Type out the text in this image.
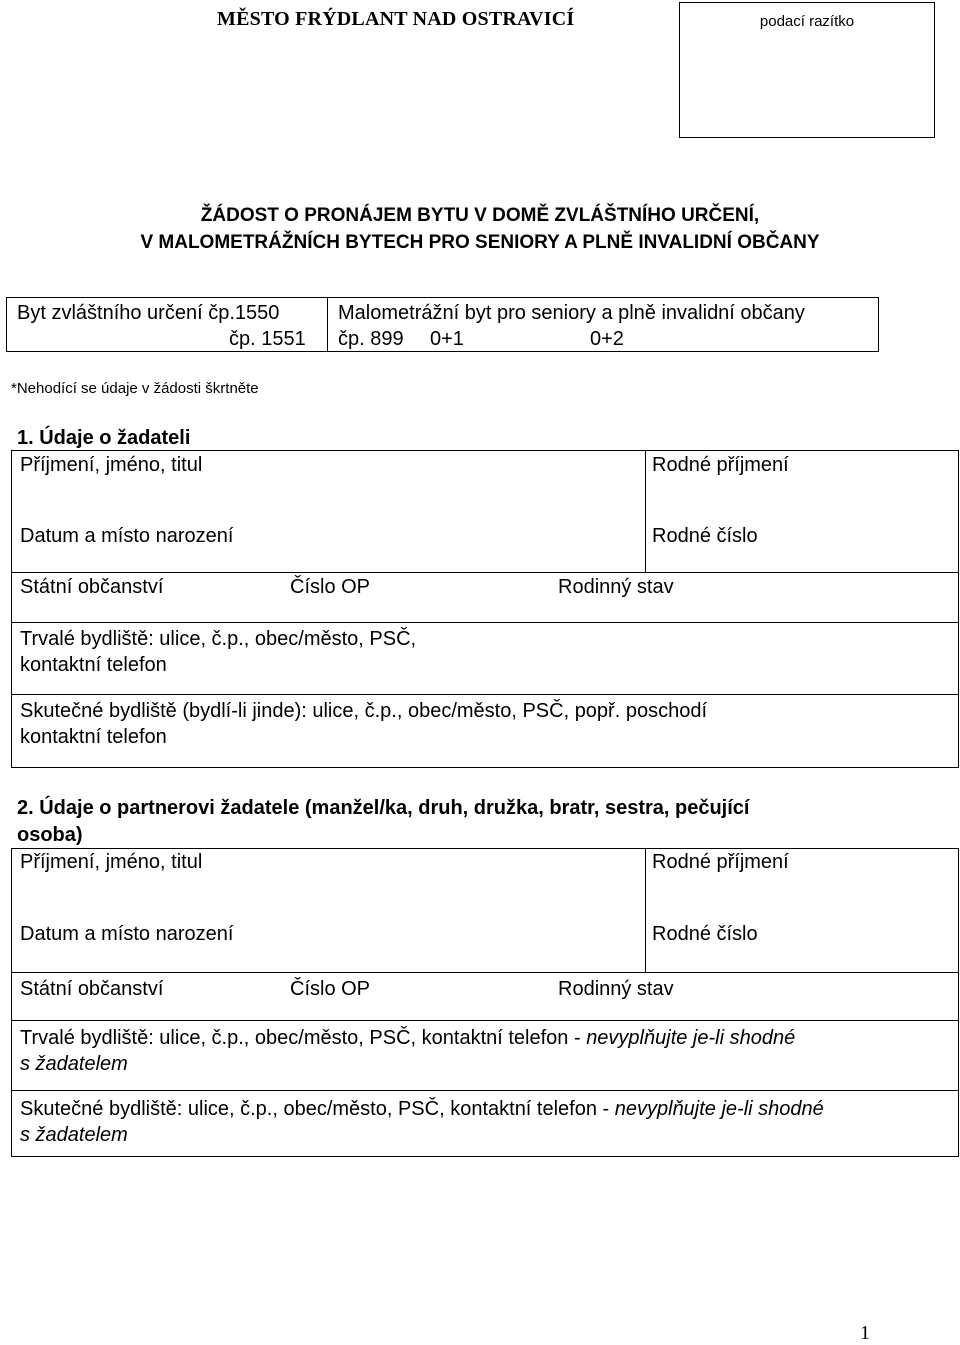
MĚSTO FRÝDLANT NAD OSTRAVICÍ	podací razítko
ŽÁDOST O PRONÁJEM BYTU V DOMĚ ZVLÁŠTNÍHO URČENÍ,
V MALOMETRÁŽNÍCH BYTECH PRO SENIORY A PLNĚ INVALIDNÍ OBČANY
Byt zvláštního určení čp.1550
čp. 1551
Malometrážní byt pro seniory a plně invalidní občany
čp. 899 0+1	0+2
*Nehodící se údaje v žádosti škrtněte
1. Údaje o žadateli
Příjmení, jméno, titul	Rodné příjmení
Datum a místo narození	Rodné číslo
Státní občanství	Číslo OP	Rodinný stav
Trvalé bydliště: ulice, č.p., obec/město, PSČ,
kontaktní telefon
Skutečné bydliště (bydlí-li jinde): ulice, č.p., obec/město, PSČ, popř. poschodí
kontaktní telefon
2. Údaje o partnerovi žadatele (manžel/ka, druh, družka, bratr, sestra, pečující
osoba)
Příjmení, jméno, titul	Rodné příjmení
Datum a místo narození	Rodné číslo
Státní občanství	Číslo OP	Rodinný stav
Trvalé bydliště: ulice, č.p., obec/město, PSČ, kontaktní telefon - nevyplňujte je-li shodné
s žadatelem
Skutečné bydliště: ulice, č.p., obec/město, PSČ, kontaktní telefon - nevyplňujte je-li shodné
s žadatelem
1
